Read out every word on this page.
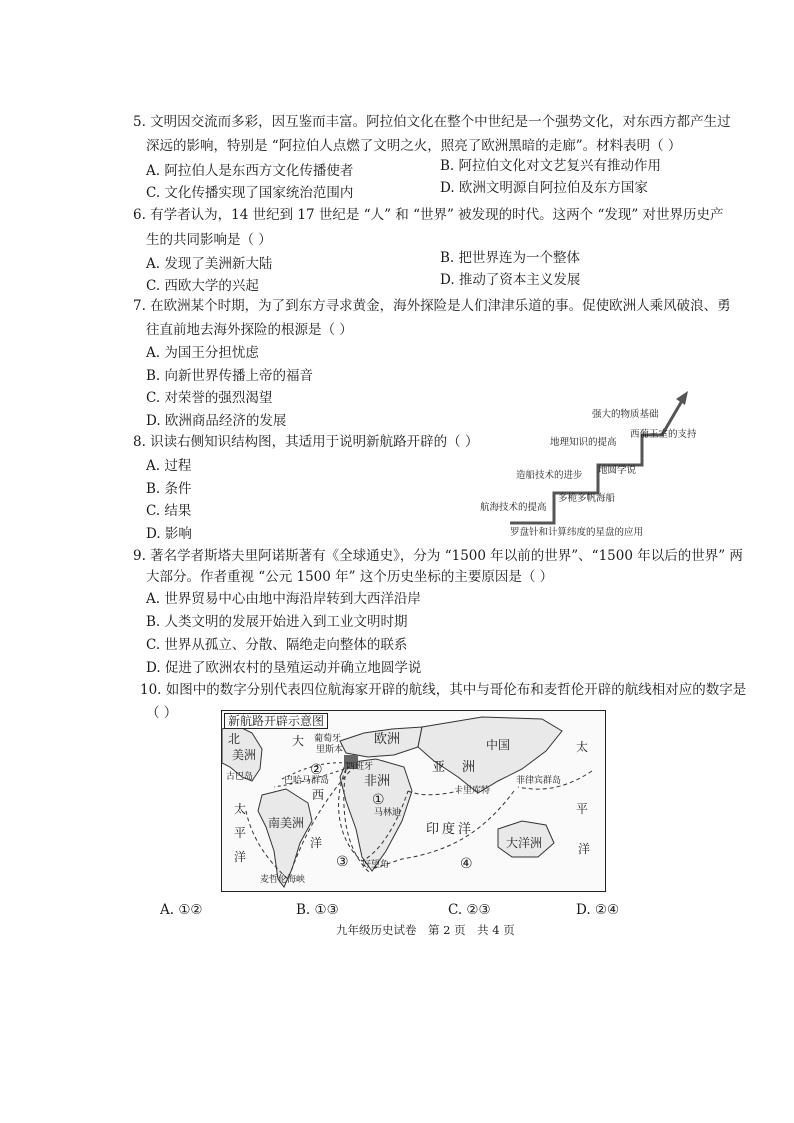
5. 文明因交流而多彩，因互鉴而丰富。阿拉伯文化在整个中世纪是一个强势文化，对东西方都产生过
深远的影响，特别是 “阿拉伯人点燃了文明之火，照亮了欧洲黑暗的走廊”。材料表明（ ）
A. 阿拉伯人是东西方文化传播使者	B. 阿拉伯文化对文艺复兴有推动作用
C. 文化传播实现了国家统治范围内	D. 欧洲文明源自阿拉伯及东方国家
6. 有学者认为，14 世纪到 17 世纪是 “人” 和 “世界” 被发现的时代。这两个 “发现” 对世界历史产
生的共同影响是（ ）
A. 发现了美洲新大陆	B. 把世界连为一个整体
C. 西欧大学的兴起	D. 推动了资本主义发展
7. 在欧洲某个时期，为了到东方寻求黄金，海外探险是人们津津乐道的事。促使欧洲人乘风破浪、勇
往直前地去海外探险的根源是（ ）
A. 为国王分担忧虑
B. 向新世界传播上帝的福音
C. 对荣誉的强烈渴望
D. 欧洲商品经济的发展
8. 识读右侧知识结构图，其适用于说明新航路开辟的（ ）
A. 过程
B. 条件
C. 结果
D. 影响
航海技术的提高
多桅多帆海船
罗盘针和计算纬度的星盘的应用
造船技术的进步 地圆学说
地理知识的提高
西葡王室的支持
强大的物质基础
9. 著名学者斯塔夫里阿诺斯著有《全球通史》，分为 “1500 年以前的世界”、“1500 年以后的世界” 两
大部分。作者重视 “公元 1500 年” 这个历史坐标的主要原因是（ ）
A. 世界贸易中心由地中海沿岸转到大西洋沿岸
B. 人类文明的发展开始进入到工业文明时期
C. 世界从孤立、分散、隔绝走向整体的联系
D. 促进了欧洲农村的垦殖运动并确立地圆学说
10. 如图中的数字分别代表四位航海家开辟的航线，其中与哥伦布和麦哲伦开辟的航线相对应的数字是
（ ）	新航路开辟示意图
北
美洲
大 葡萄牙
里斯本
欧洲
西班牙
古巴岛	巴哈马群岛
西
非洲
亚 洲
中国	太
平
洋
菲律宾群岛
卡里库特
马林迪
印度洋
大洋洲
太
平
洋
南美洲
洋
好望角
麦哲伦海峡
①
②
③	④
A. ①②	B. ①③	C. ②③	D. ②④
九年级历史试卷　第 2 页　共 4 页
